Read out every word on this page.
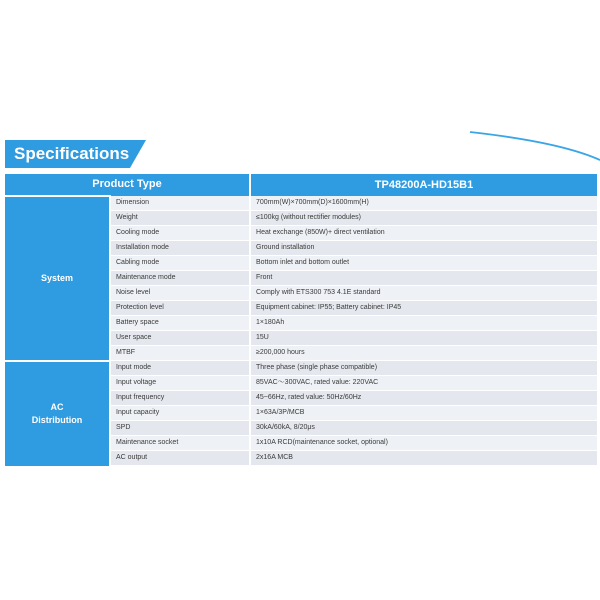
Specifications
Product Type		TP48200A-HD15B1
System	Dimension	700mm(W)×700mm(D)×1600mm(H)
	Weight	≤100kg (without rectifier modules)
	Cooling mode	Heat exchange (850W)+ direct ventilation
	Installation mode	Ground installation
	Cabling mode	Bottom inlet and bottom outlet
	Maintenance mode	Front
	Noise level	Comply with ETS300 753 4.1E standard
	Protection level	Equipment cabinet: IP55; Battery cabinet: IP45
	Battery space	1×180Ah
	User space	15U
	MTBF	≥200,000 hours
AC
Distribution	Input mode	Three phase (single phase compatible)
	Input voltage	85VAC～300VAC, rated value: 220VAC
	Input frequency	45~66Hz, rated value: 50Hz/60Hz
	Input capacity	1×63A/3P/MCB
	SPD	30kA/60kA, 8/20μs
	Maintenance socket	1x10A RCD(maintenance socket, optional)
	AC output	2x16A MCB
